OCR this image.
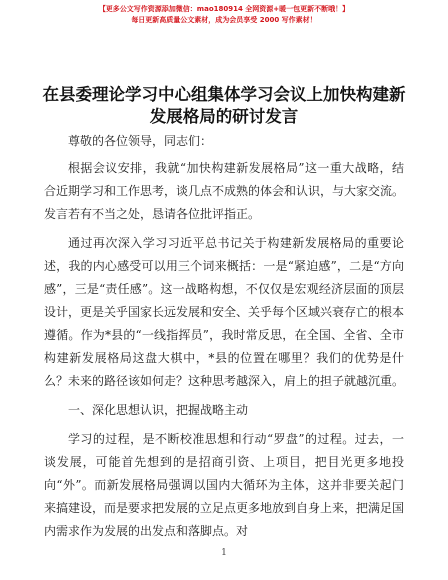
【更多公文写作资源添加微信：mao180914 全网资源+暖一包更新不断哦！】
每日更新高质量公文素材，成为会员享受 2000 写作素材！
在县委理论学习中心组集体学习会议上加快构建新发展格局的研讨发言

尊敬的各位领导，同志们：

根据会议安排，我就“加快构建新发展格局”这一重大战略，结合近期学习和工作思考，谈几点不成熟的体会和认识，与大家交流。发言若有不当之处，恳请各位批评指正。

通过再次深入学习习近平总书记关于构建新发展格局的重要论述，我的内心感受可以用三个词来概括：一是“紧迫感”，二是“方向感”，三是“责任感”。这一战略构想，不仅仅是宏观经济层面的顶层设计，更是关乎国家长远发展和安全、关乎每个区域兴衰存亡的根本遵循。作为*县的“一线指挥员”，我时常反思，在全国、全省、全市构建新发展格局这盘大棋中，*县的位置在哪里？我们的优势是什么？未来的路径该如何走？这种思考越深入，肩上的担子就越沉重。

一、深化思想认识，把握战略主动

学习的过程，是不断校准思想和行动“罗盘”的过程。过去，一谈发展，可能首先想到的是招商引资、上项目，把目光更多地投向“外”。而新发展格局强调以国内大循环为主体，这并非要关起门来搞建设，而是要求把发展的立足点更多地放到自身上来，把满足国内需求作为发展的出发点和落脚点。对

1
